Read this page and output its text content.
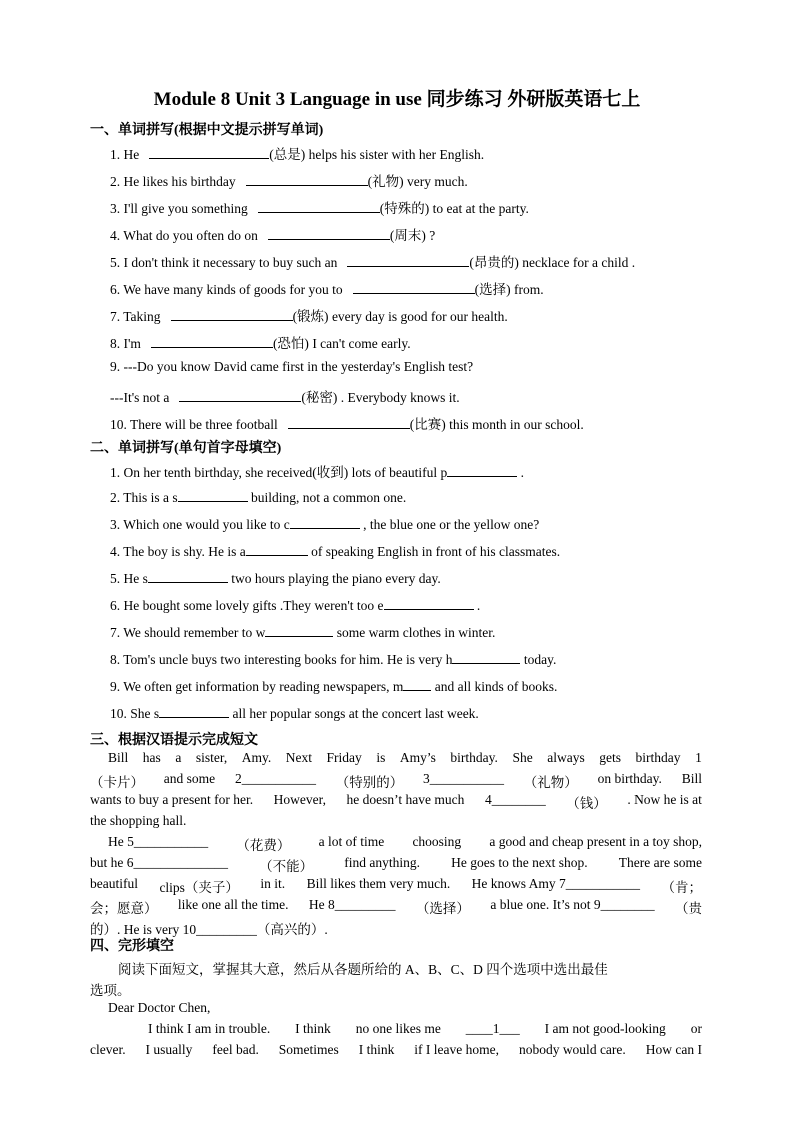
Module 8 Unit 3 Language in use 同步练习 外研版英语七上
一、单词拼写(根据中文提示拼写单词)
1. He	(总是) helps his sister with her English.
2. He likes his birthday	(礼物) very much.
3. I'll give you something	(特殊的) to eat at the party.
4. What do you often do on	(周末) ?
5. I don't think it necessary to buy such an	(昂贵的) necklace for a child .
6. We have many kinds of goods for you to	(选择) from.
7. Taking	(锻炼) every day is good for our health.
8. I'm	(恐怕) I can't come early.
9. ---Do you know David came first in the yesterday's English test?
---It's not a	(秘密) . Everybody knows it.
10. There will be three football	(比赛) this month in our school.
二、单词拼写(单句首字母填空)
1. On her tenth birthday, she received(收到) lots of beautiful p	.
2. This is a s	building, not a common one.
3. Which one would you like to c	, the blue one or the yellow one?
4. The boy is shy. He is a	of speaking English in front of his classmates.
5. He s	two hours playing the piano every day.
6. He bought some lovely gifts .They weren't too e	.
7. We should remember to w	some warm clothes in winter.
8. Tom's uncle buys two interesting books for him. He is very h	today.
9. We often get information by reading newspapers, m and all kinds of books.
10. She s	all her popular songs at the concert last week.
三、根据汉语提示完成短文
Bill has a sister, Amy. Next Friday is Amy’s birthday. She always gets birthday 1
（卡片） and some 2___________ （特别的） 3___________ （礼物） on birthday. Bill
wants to buy a present for her. However, he doesn’t have much 4________ （钱） . Now he is at
the shopping hall.
He 5___________ （花费） a lot of time choosing a good and cheap present in a toy shop,
but he 6______________ （不能） find anything. He goes to the next shop. There are some
beautiful clips（夹子） in it. Bill likes them very much. He knows Amy 7___________ （肯；
会；愿意） like one all the time. He 8_________ （选择） a blue one. It’s not 9________ （贵
的）. He is very 10_________（高兴的）.
四、完形填空
阅读下面短文，掌握其大意，然后从各题所给的 A、B、C、D 四个选项中选出最佳
选项。
Dear Doctor Chen,
I think I am in trouble. I think no one likes me ____1___ I am not good-looking or
clever. I usually feel bad. Sometimes I think if I leave home, nobody would care. How can I
